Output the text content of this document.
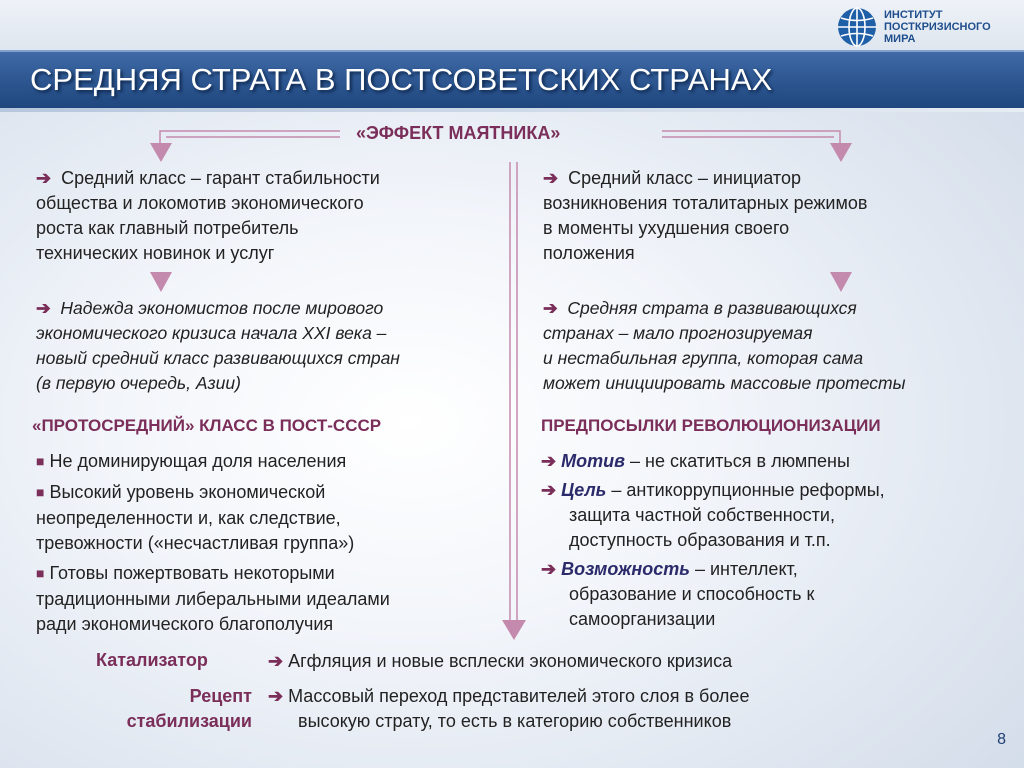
ИНСТИТУТ
ПОСТКРИЗИСНОГО
МИРА
СРЕДНЯЯ СТРАТА В ПОСТСОВЕТСКИХ СТРАНАХ
«ЭФФЕКТ МАЯТНИКА»
➔ Средний класс – гарант стабильности
общества и локомотив экономического
роста как главный потребитель
технических новинок и услуг
➔ Средний класс – инициатор
возникновения тоталитарных режимов
в моменты ухудшения своего
положения
➔ Надежда экономистов после мирового
экономического кризиса начала XXI века –
новый средний класс развивающихся стран
(в первую очередь, Азии)
➔ Средняя страта в развивающихся
странах – мало прогнозируемая
и нестабильная группа, которая сама
может инициировать массовые протесты
«ПРОТОСРЕДНИЙ» КЛАСС В ПОСТ-СССР	ПРЕДПОСЫЛКИ РЕВОЛЮЦИОНИЗАЦИИ
■ Не доминирующая доля населения
■ Высокий уровень экономической
неопределенности и, как следствие,
тревожности («несчастливая группа»)
■ Готовы пожертвовать некоторыми
традиционными либеральными идеалами
ради экономического благополучия
➔ Мотив – не скатиться в люмпены
➔ Цель – антикоррупционные реформы,
защита частной собственности,
доступность образования и т.п.
➔ Возможность – интеллект,
образование и способность к
самоорганизации
Катализатор	➔ Агфляция и новые всплески экономического кризиса
Рецепт
стабилизации
➔ Массовый переход представителей этого слоя в более
высокую страту, то есть в категорию собственников
8
